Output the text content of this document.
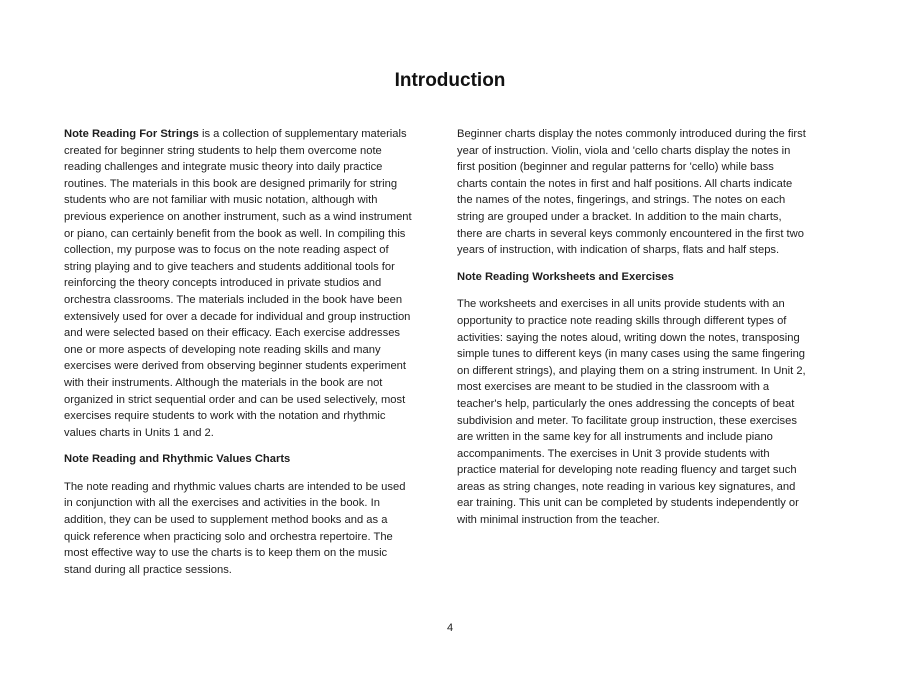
Introduction

Note Reading For Strings is a collection of supplementary materials created for beginner string students to help them overcome note reading challenges and integrate music theory into daily practice routines. The materials in this book are designed primarily for string students who are not familiar with music notation, although with previous experience on another instrument, such as a wind instrument or piano, can certainly benefit from the book as well. In compiling this collection, my purpose was to focus on the note reading aspect of string playing and to give teachers and students additional tools for reinforcing the theory concepts introduced in private studios and orchestra classrooms. The materials included in the book have been extensively used for over a decade for individual and group instruction and were selected based on their efficacy. Each exercise addresses one or more aspects of developing note reading skills and many exercises were derived from observing beginner students experiment with their instruments. Although the materials in the book are not organized in strict sequential order and can be used selectively, most exercises require students to work with the notation and rhythmic values charts in Units 1 and 2.

Note Reading and Rhythmic Values Charts

The note reading and rhythmic values charts are intended to be used in conjunction with all the exercises and activities in the book. In addition, they can be used to supplement method books and as a quick reference when practicing solo and orchestra repertoire. The most effective way to use the charts is to keep them on the music stand during all practice sessions.

Beginner charts display the notes commonly introduced during the first year of instruction. Violin, viola and 'cello charts display the notes in first position (beginner and regular patterns for 'cello) while bass charts contain the notes in first and half positions. All charts indicate the names of the notes, fingerings, and strings. The notes on each string are grouped under a bracket. In addition to the main charts, there are charts in several keys commonly encountered in the first two years of instruction, with indication of sharps, flats and half steps.

Note Reading Worksheets and Exercises

The worksheets and exercises in all units provide students with an opportunity to practice note reading skills through different types of activities: saying the notes aloud, writing down the notes, transposing simple tunes to different keys (in many cases using the same fingering on different strings), and playing them on a string instrument. In Unit 2, most exercises are meant to be studied in the classroom with a teacher's help, particularly the ones addressing the concepts of beat subdivision and meter. To facilitate group instruction, these exercises are written in the same key for all instruments and include piano accompaniments. The exercises in Unit 3 provide students with practice material for developing note reading fluency and target such areas as string changes, note reading in various key signatures, and ear training. This unit can be completed by students independently or with minimal instruction from the teacher.

4
